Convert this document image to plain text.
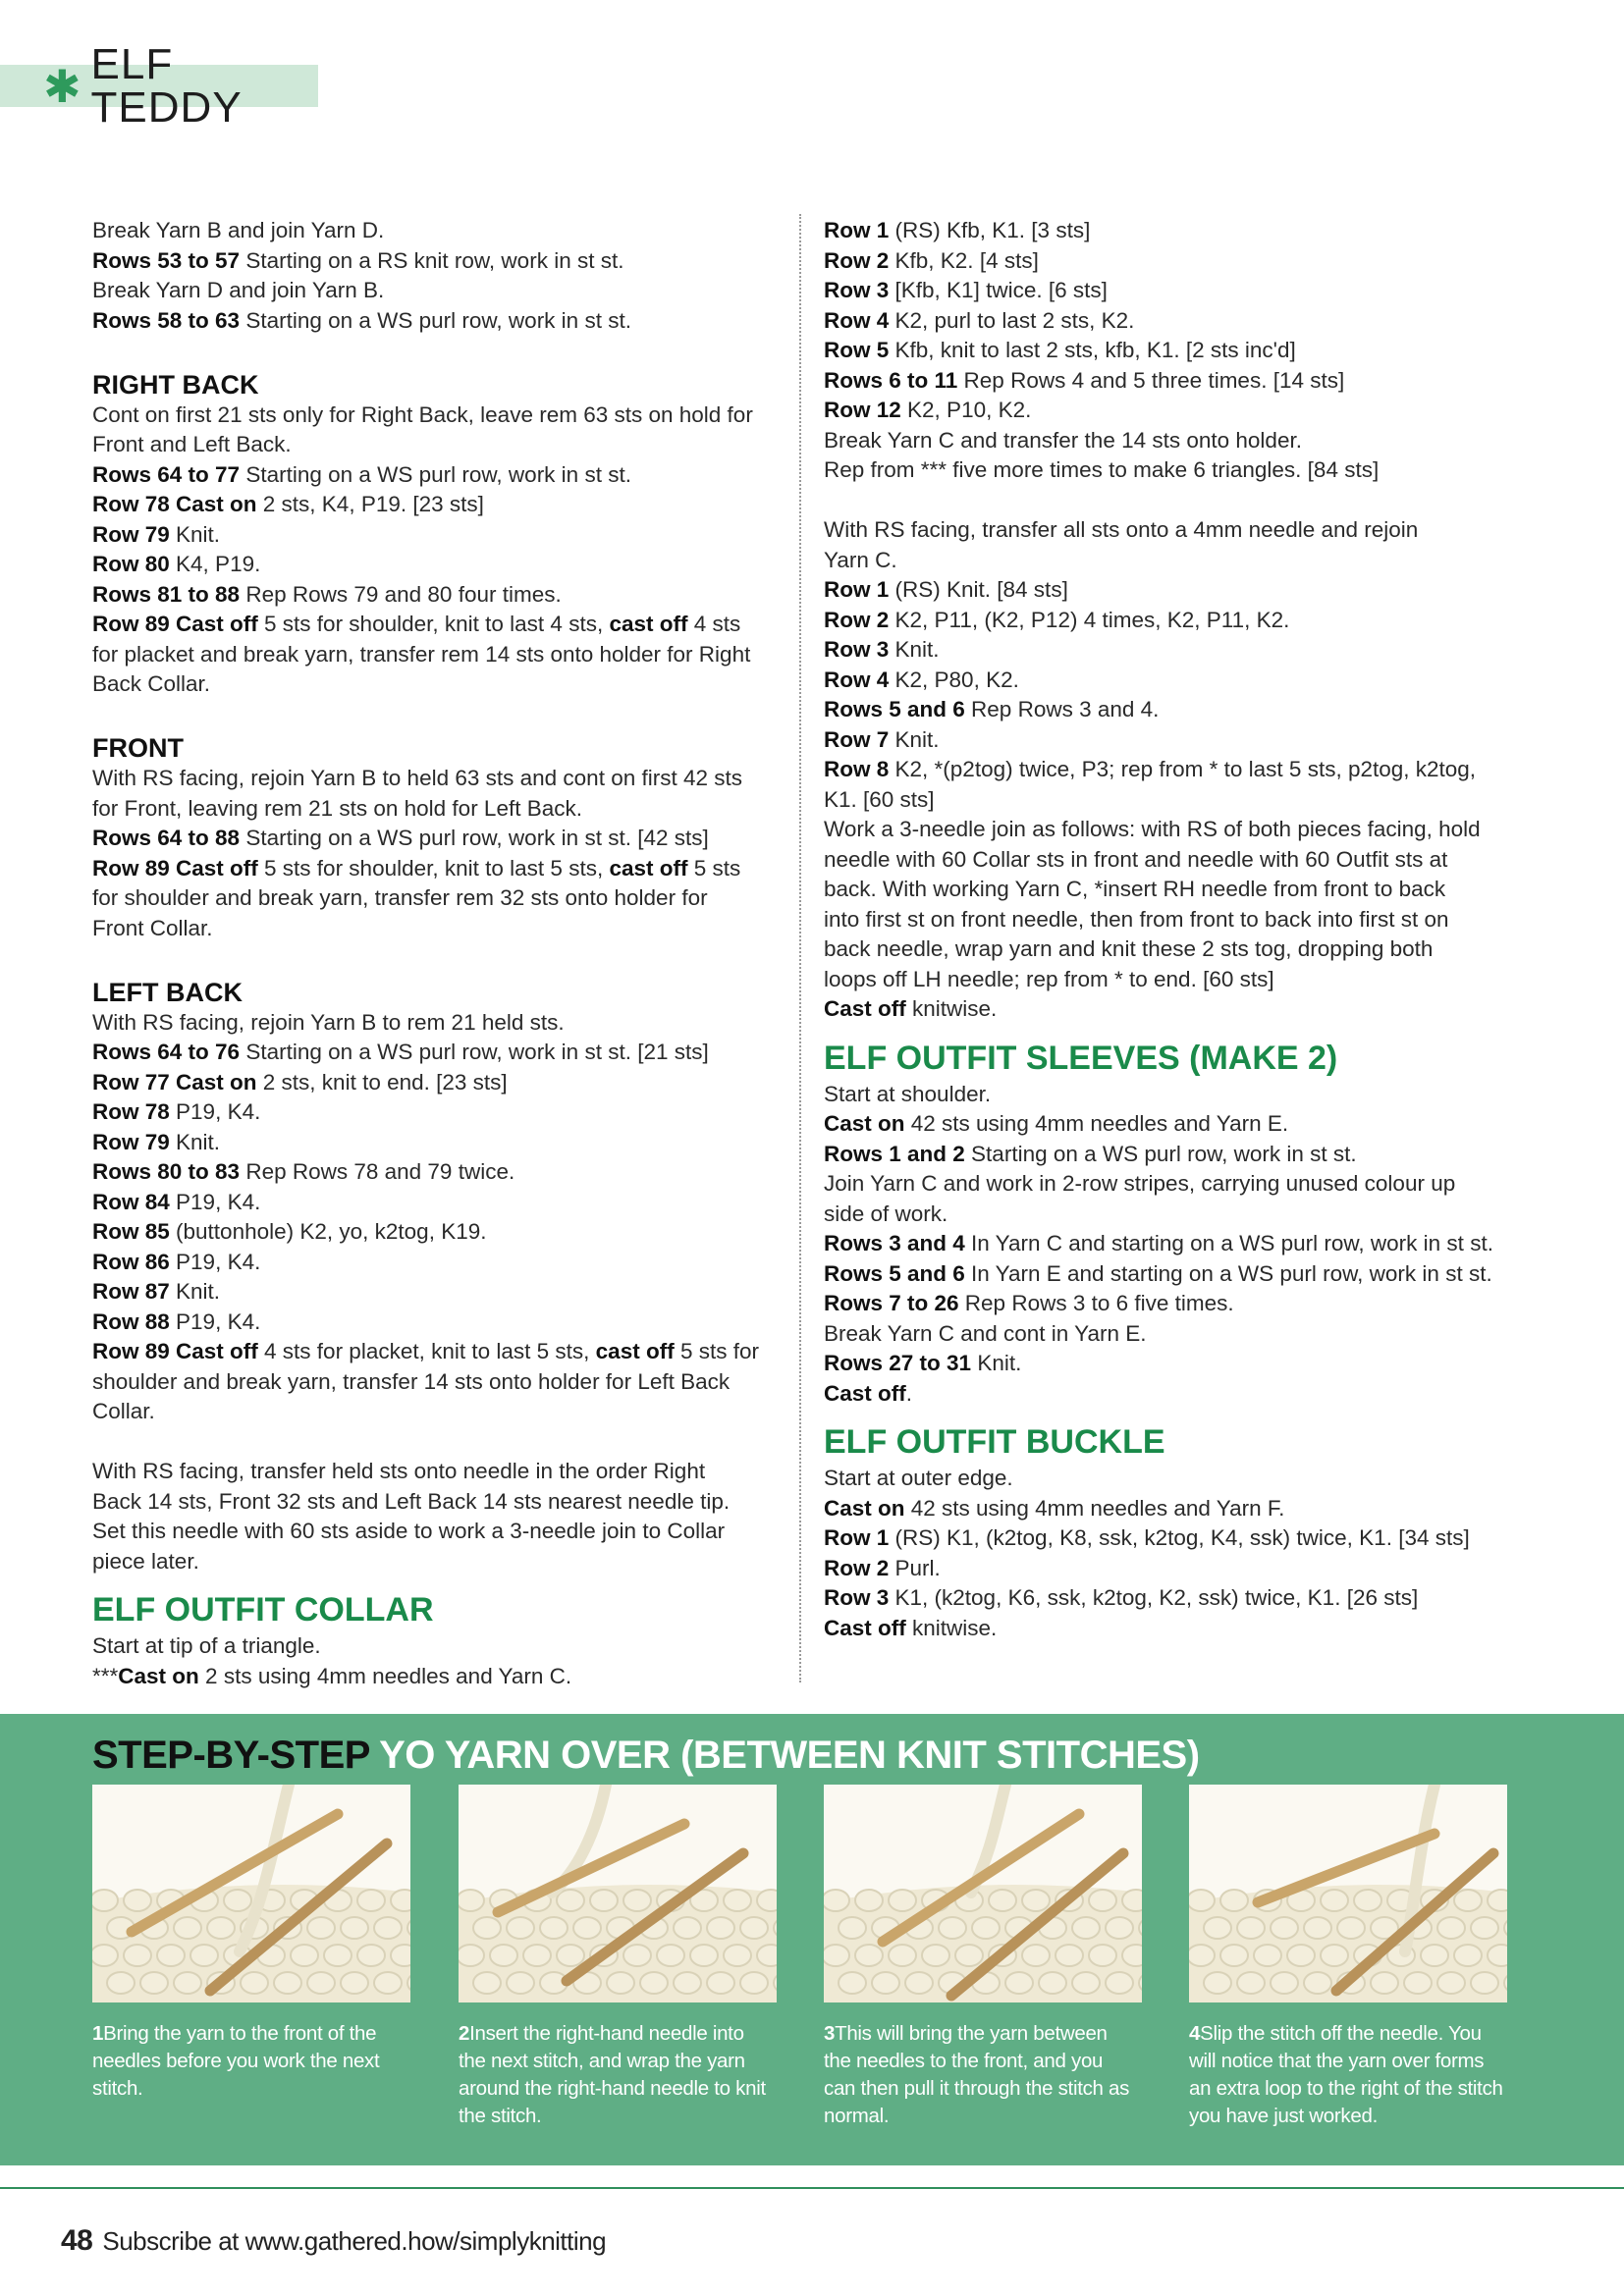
✱ ELF TEDDY

Break Yarn B and join Yarn D.

Rows 53 to 57 Starting on a RS knit row, work in st st.

Break Yarn D and join Yarn B.

Rows 58 to 63 Starting on a WS purl row, work in st st.

RIGHT BACK

Cont on first 21 sts only for Right Back, leave rem 63 sts on hold for

Front and Left Back.

Rows 64 to 77 Starting on a WS purl row, work in st st.

Row 78 Cast on 2 sts, K4, P19. [23 sts]

Row 79 Knit.

Row 80 K4, P19.

Rows 81 to 88 Rep Rows 79 and 80 four times.

Row 89 Cast off 5 sts for shoulder, knit to last 4 sts, cast off 4 sts

for placket and break yarn, transfer rem 14 sts onto holder for Right

Back Collar.

FRONT

With RS facing, rejoin Yarn B to held 63 sts and cont on first 42 sts

for Front, leaving rem 21 sts on hold for Left Back.

Rows 64 to 88 Starting on a WS purl row, work in st st. [42 sts]

Row 89 Cast off 5 sts for shoulder, knit to last 5 sts, cast off 5 sts

for shoulder and break yarn, transfer rem 32 sts onto holder for

Front Collar.

LEFT BACK

With RS facing, rejoin Yarn B to rem 21 held sts.

Rows 64 to 76 Starting on a WS purl row, work in st st. [21 sts]

Row 77 Cast on 2 sts, knit to end. [23 sts]

Row 78 P19, K4.

Row 79 Knit.

Rows 80 to 83 Rep Rows 78 and 79 twice.

Row 84 P19, K4.

Row 85 (buttonhole) K2, yo, k2tog, K19.

Row 86 P19, K4.

Row 87 Knit.

Row 88 P19, K4.

Row 89 Cast off 4 sts for placket, knit to last 5 sts, cast off 5 sts for

shoulder and break yarn, transfer 14 sts onto holder for Left Back

Collar.

With RS facing, transfer held sts onto needle in the order Right

Back 14 sts, Front 32 sts and Left Back 14 sts nearest needle tip.

Set this needle with 60 sts aside to work a 3-needle join to Collar

piece later.

ELF OUTFIT COLLAR

Start at tip of a triangle.

***Cast on 2 sts using 4mm needles and Yarn C.

Row 1 (RS) Kfb, K1. [3 sts]

Row 2 Kfb, K2. [4 sts]

Row 3 [Kfb, K1] twice. [6 sts]

Row 4 K2, purl to last 2 sts, K2.

Row 5 Kfb, knit to last 2 sts, kfb, K1. [2 sts inc'd]

Rows 6 to 11 Rep Rows 4 and 5 three times. [14 sts]

Row 12 K2, P10, K2.

Break Yarn C and transfer the 14 sts onto holder.

Rep from *** five more times to make 6 triangles. [84 sts]

With RS facing, transfer all sts onto a 4mm needle and rejoin

Yarn C.

Row 1 (RS) Knit. [84 sts]

Row 2 K2, P11, (K2, P12) 4 times, K2, P11, K2.

Row 3 Knit.

Row 4 K2, P80, K2.

Rows 5 and 6 Rep Rows 3 and 4.

Row 7 Knit.

Row 8 K2, *(p2tog) twice, P3; rep from * to last 5 sts, p2tog, k2tog,

K1. [60 sts]

Work a 3-needle join as follows: with RS of both pieces facing, hold

needle with 60 Collar sts in front and needle with 60 Outfit sts at

back. With working Yarn C, *insert RH needle from front to back

into first st on front needle, then from front to back into first st on

back needle, wrap yarn and knit these 2 sts tog, dropping both

loops off LH needle; rep from * to end. [60 sts]

Cast off knitwise.

ELF OUTFIT SLEEVES (MAKE 2)

Start at shoulder.

Cast on 42 sts using 4mm needles and Yarn E.

Rows 1 and 2 Starting on a WS purl row, work in st st.

Join Yarn C and work in 2-row stripes, carrying unused colour up

side of work.

Rows 3 and 4 In Yarn C and starting on a WS purl row, work in st st.

Rows 5 and 6 In Yarn E and starting on a WS purl row, work in st st.

Rows 7 to 26 Rep Rows 3 to 6 five times.

Break Yarn C and cont in Yarn E.

Rows 27 to 31 Knit.

Cast off.

ELF OUTFIT BUCKLE

Start at outer edge.

Cast on 42 sts using 4mm needles and Yarn F.

Row 1 (RS) K1, (k2tog, K8, ssk, k2tog, K4, ssk) twice, K1. [34 sts]

Row 2 Purl.

Row 3 K1, (k2tog, K6, ssk, k2tog, K2, ssk) twice, K1. [26 sts]

Cast off knitwise.

STEP-BY-STEP YO YARN OVER (BETWEEN KNIT STITCHES)
1Bring the yarn to the front of the needles before you work the next stitch.
2Insert the right-hand needle into the next stitch, and wrap the yarn around the right-hand needle to knit the stitch.
3This will bring the yarn between the needles to the front, and you can then pull it through the stitch as normal.
4Slip the stitch off the needle. You will notice that the yarn over forms an extra loop to the right of the stitch you have just worked.
48 Subscribe at www.gathered.how/simplyknitting
